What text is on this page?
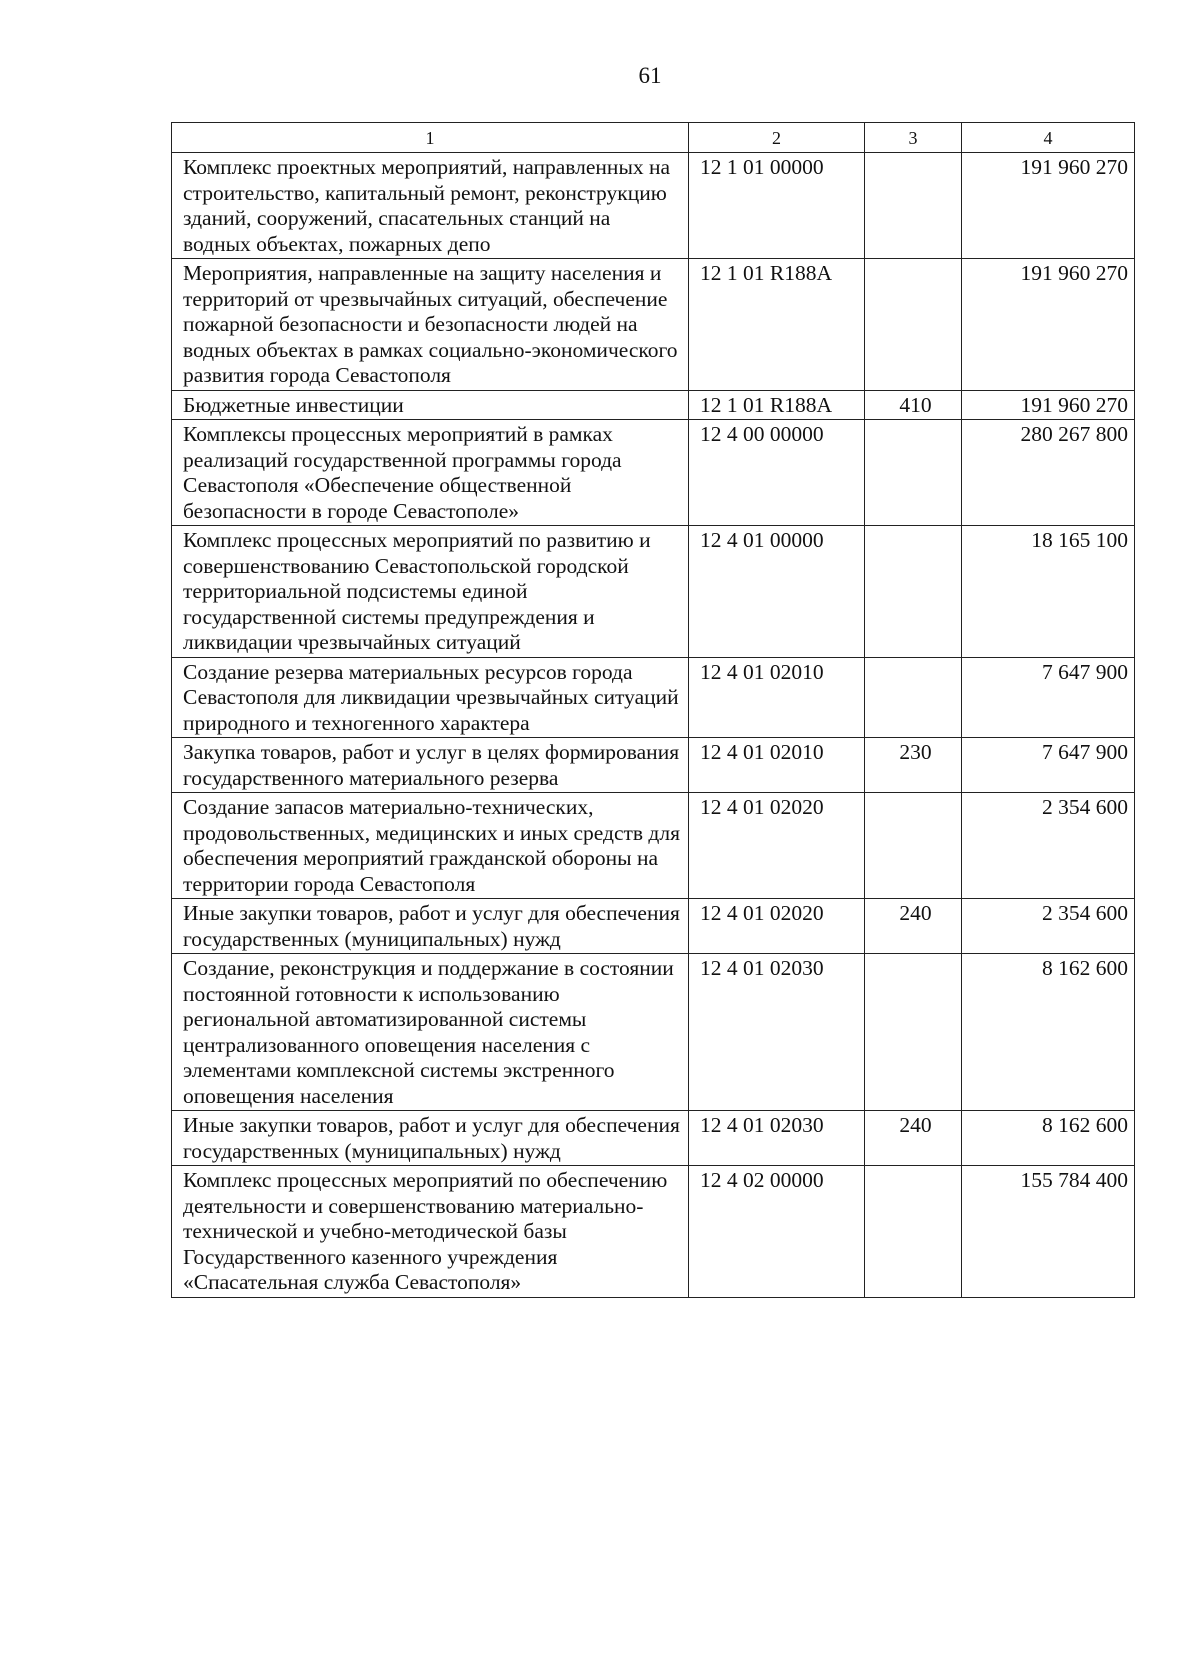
61
1	2	3	4
Комплекс проектных мероприятий, направленных на строительство, капитальный ремонт, реконструкцию зданий, сооружений, спасательных станций на водных объектах, пожарных депо	12 1 01 00000		191 960 270
Мероприятия, направленные на защиту населения и территорий от чрезвычайных ситуаций, обеспечение пожарной безопасности и безопасности людей на водных объектах в рамках социально-экономического развития города Севастополя	12 1 01 R188A		191 960 270
Бюджетные инвестиции	12 1 01 R188A	410	191 960 270
Комплексы процессных мероприятий в рамках реализаций государственной программы города Севастополя «Обеспечение общественной безопасности в городе Севастополе»	12 4 00 00000		280 267 800
Комплекс процессных мероприятий по развитию и совершенствованию Севастопольской городской территориальной подсистемы единой государственной системы предупреждения и ликвидации чрезвычайных ситуаций	12 4 01 00000		18 165 100
Создание резерва материальных ресурсов города Севастополя для ликвидации чрезвычайных ситуаций природного и техногенного характера	12 4 01 02010		7 647 900
Закупка товаров, работ и услуг в целях формирования государственного материального резерва	12 4 01 02010	230	7 647 900
Создание запасов материально-технических, продовольственных, медицинских и иных средств для обеспечения мероприятий гражданской обороны на территории города Севастополя	12 4 01 02020		2 354 600
Иные закупки товаров, работ и услуг для обеспечения государственных (муниципальных) нужд	12 4 01 02020	240	2 354 600
Создание, реконструкция и поддержание в состоянии постоянной готовности к использованию региональной автоматизированной системы централизованного оповещения населения с элементами комплексной системы экстренного оповещения населения	12 4 01 02030		8 162 600
Иные закупки товаров, работ и услуг для обеспечения государственных (муниципальных) нужд	12 4 01 02030	240	8 162 600
Комплекс процессных мероприятий по обеспечению деятельности и совершенствованию материально-технической и учебно-методической базы Государственного казенного учреждения «Спасательная служба Севастополя»	12 4 02 00000		155 784 400
